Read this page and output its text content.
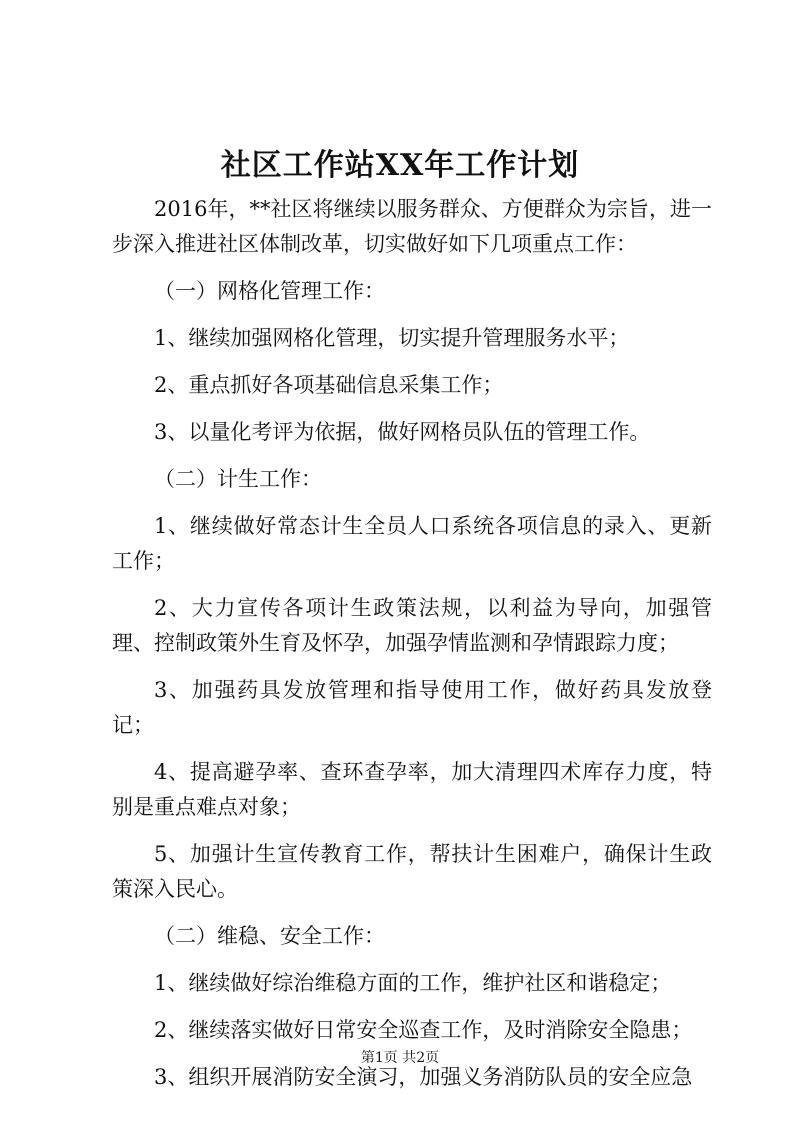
社区工作站XX年工作计划

2016年，**社区将继续以服务群众、方便群众为宗旨，进一步深入推进社区体制改革，切实做好如下几项重点工作：

（一）网格化管理工作：

1、继续加强网格化管理，切实提升管理服务水平；

2、重点抓好各项基础信息采集工作；

3、以量化考评为依据，做好网格员队伍的管理工作。

（二）计生工作：

1、继续做好常态计生全员人口系统各项信息的录入、更新工作；

2、大力宣传各项计生政策法规，以利益为导向，加强管理、控制政策外生育及怀孕，加强孕情监测和孕情跟踪力度；

3、加强药具发放管理和指导使用工作，做好药具发放登记；

4、提高避孕率、查环查孕率，加大清理四术库存力度，特别是重点难点对象；

5、加强计生宣传教育工作，帮扶计生困难户，确保计生政策深入民心。

（二）维稳、安全工作：

1、继续做好综治维稳方面的工作，维护社区和谐稳定；

2、继续落实做好日常安全巡查工作，及时消除安全隐患；

3、组织开展消防安全演习，加强义务消防队员的安全应急

第1页 共2页
